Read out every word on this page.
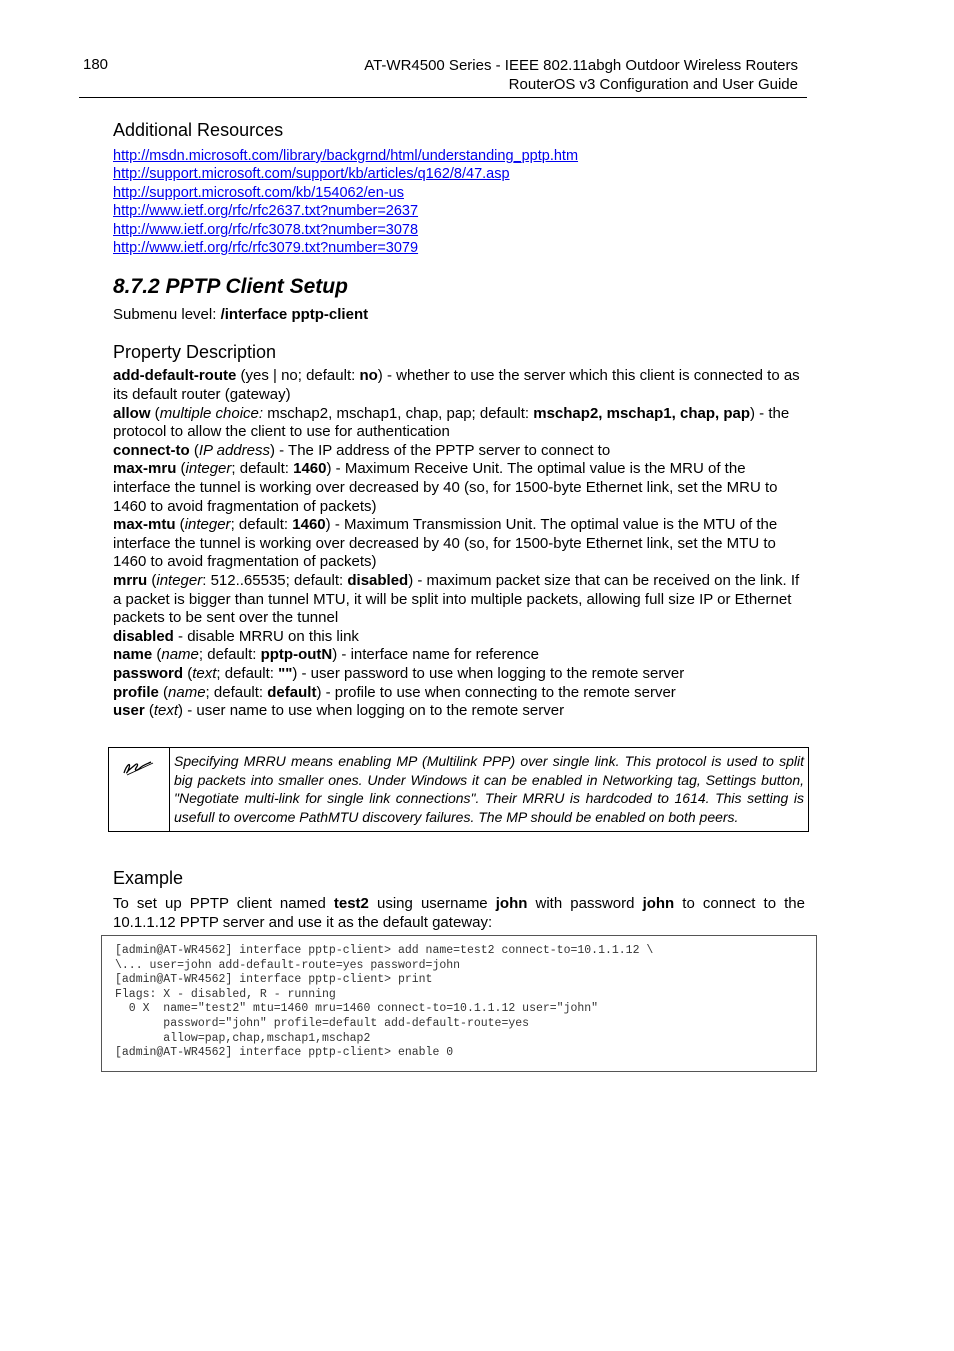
180	AT-WR4500 Series - IEEE 802.11abgh Outdoor Wireless Routers
RouterOS v3 Configuration and User Guide
Additional Resources
http://msdn.microsoft.com/library/backgrnd/html/understanding_pptp.htm
http://support.microsoft.com/support/kb/articles/q162/8/47.asp
http://support.microsoft.com/kb/154062/en-us
http://www.ietf.org/rfc/rfc2637.txt?number=2637
http://www.ietf.org/rfc/rfc3078.txt?number=3078
http://www.ietf.org/rfc/rfc3079.txt?number=3079
8.7.2 PPTP Client Setup
Submenu level: /interface pptp-client
Property Description

add-default-route (yes | no; default: no) - whether to use the server which this client is connected to as its default router (gateway)

allow (multiple choice: mschap2, mschap1, chap, pap; default: mschap2, mschap1, chap, pap) - the protocol to allow the client to use for authentication

connect-to (IP address) - The IP address of the PPTP server to connect to

max-mru (integer; default: 1460) - Maximum Receive Unit. The optimal value is the MRU of the interface the tunnel is working over decreased by 40 (so, for 1500-byte Ethernet link, set the MRU to 1460 to avoid fragmentation of packets)

max-mtu (integer; default: 1460) - Maximum Transmission Unit. The optimal value is the MTU of the interface the tunnel is working over decreased by 40 (so, for 1500-byte Ethernet link, set the MTU to 1460 to avoid fragmentation of packets)

mrru (integer: 512..65535; default: disabled) - maximum packet size that can be received on the link. If a packet is bigger than tunnel MTU, it will be split into multiple packets, allowing full size IP or Ethernet packets to be sent over the tunnel

disabled - disable MRRU on this link

name (name; default: pptp-outN) - interface name for reference

password (text; default: "") - user password to use when logging to the remote server

profile (name; default: default) - profile to use when connecting to the remote server

user (text) - user name to use when logging on to the remote server

Specifying MRRU means enabling MP (Multilink PPP) over single link. This protocol is used to split big packets into smaller ones. Under Windows it can be enabled in Networking tag, Settings button, "Negotiate multi-link for single link connections". Their MRRU is hardcoded to 1614. This setting is usefull to overcome PathMTU discovery failures. The MP should be enabled on both peers.
Example

To set up PPTP client named test2 using username john with password john to connect to the 10.1.1.12 PPTP server and use it as the default gateway:

[admin@AT-WR4562] interface pptp-client> add name=test2 connect-to=10.1.1.12 \
\... user=john add-default-route=yes password=john
[admin@AT-WR4562] interface pptp-client> print
Flags: X - disabled, R - running
0 X  name="test2" mtu=1460 mru=1460 connect-to=10.1.1.12 user="john"
password="john" profile=default add-default-route=yes
allow=pap,chap,mschap1,mschap2
[admin@AT-WR4562] interface pptp-client> enable 0
